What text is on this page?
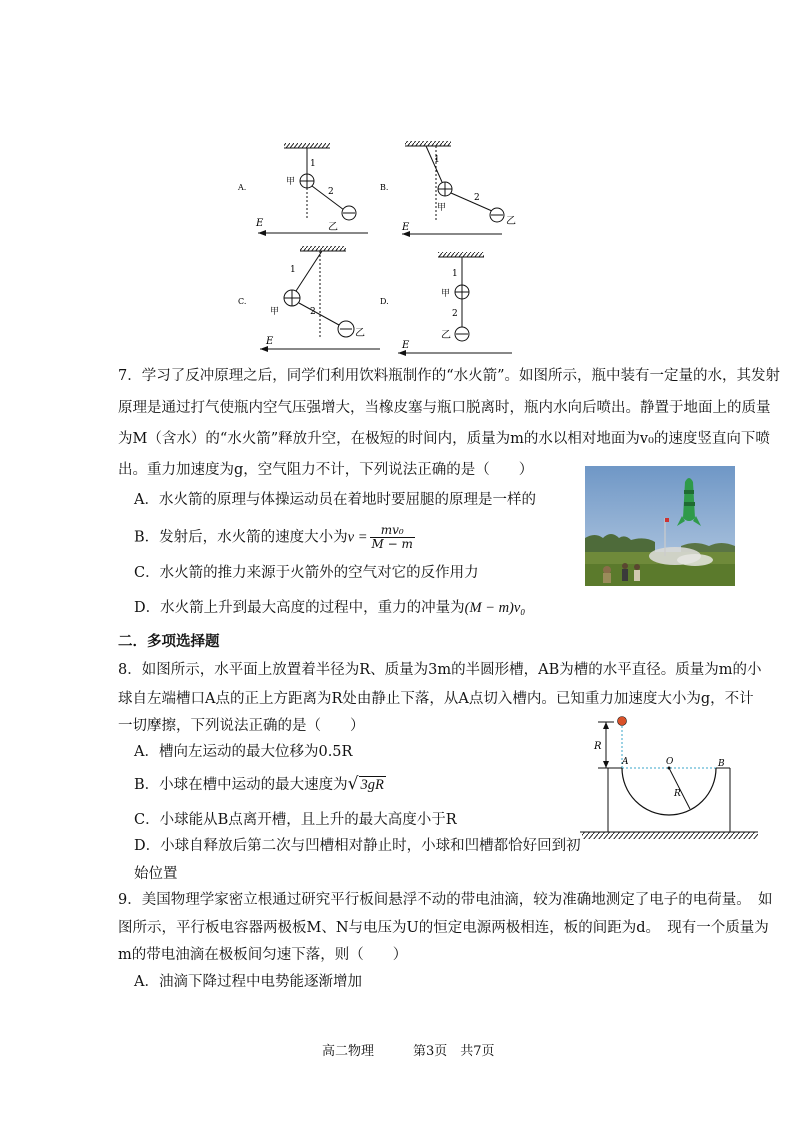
A.
1
2
甲
乙
E
B.
1
2
甲
乙
E
C.
1
2
甲
乙
E
D.
1
2
甲
乙
E
7．学习了反冲原理之后，同学们利用饮料瓶制作的“水火箭”。如图所示，瓶中装有一定量的水，其发射
原理是通过打气使瓶内空气压强增大，当橡皮塞与瓶口脱离时，瓶内水向后喷出。静置于地面上的质量
为M（含水）的“水火箭”释放升空，在极短的时间内，质量为m的水以相对地面为v₀的速度竖直向下喷
出。重力加速度为g，空气阻力不计，下列说法正确的是（　　）
A．水火箭的原理与体操运动员在着地时要屈腿的原理是一样的
B．发射后，水火箭的速度大小为$v = \frac{\text{mv₀}}{M - m}$
C．水火箭的推力来源于火箭外的空气对它的反作用力
D．水火箭上升到最大高度的过程中，重力的冲量为(M − m)v₀
二．多项选择题
8．如图所示，水平面上放置着半径为R、质量为3m的半圆形槽，AB为槽的水平直径。质量为m的小
球自左端槽口A点的正上方距离为R处由静止下落，从A点切入槽内。已知重力加速度大小为g，不计
一切摩擦，下列说法正确的是（　　）
A．槽向左运动的最大位移为0.5R
B．小球在槽中运动的最大速度为√ 3gR
C．小球能从B点离开槽，且上升的最大高度小于R
D．小球自释放后第二次与凹槽相对静止时，小球和凹槽都恰好回到初
始位置
R
A	O	B
R
9．美国物理学家密立根通过研究平行板间悬浮不动的带电油滴，较为准确地测定了电子的电荷量。　如
图所示，平行板电容器两极板M、N与电压为U的恒定电源两极相连，板的间距为d。　现有一个质量为
m的带电油滴在极板间匀速下落，则（　　）
A．油滴下降过程中电势能逐渐增加
高二物理　　　第3页　共7页
